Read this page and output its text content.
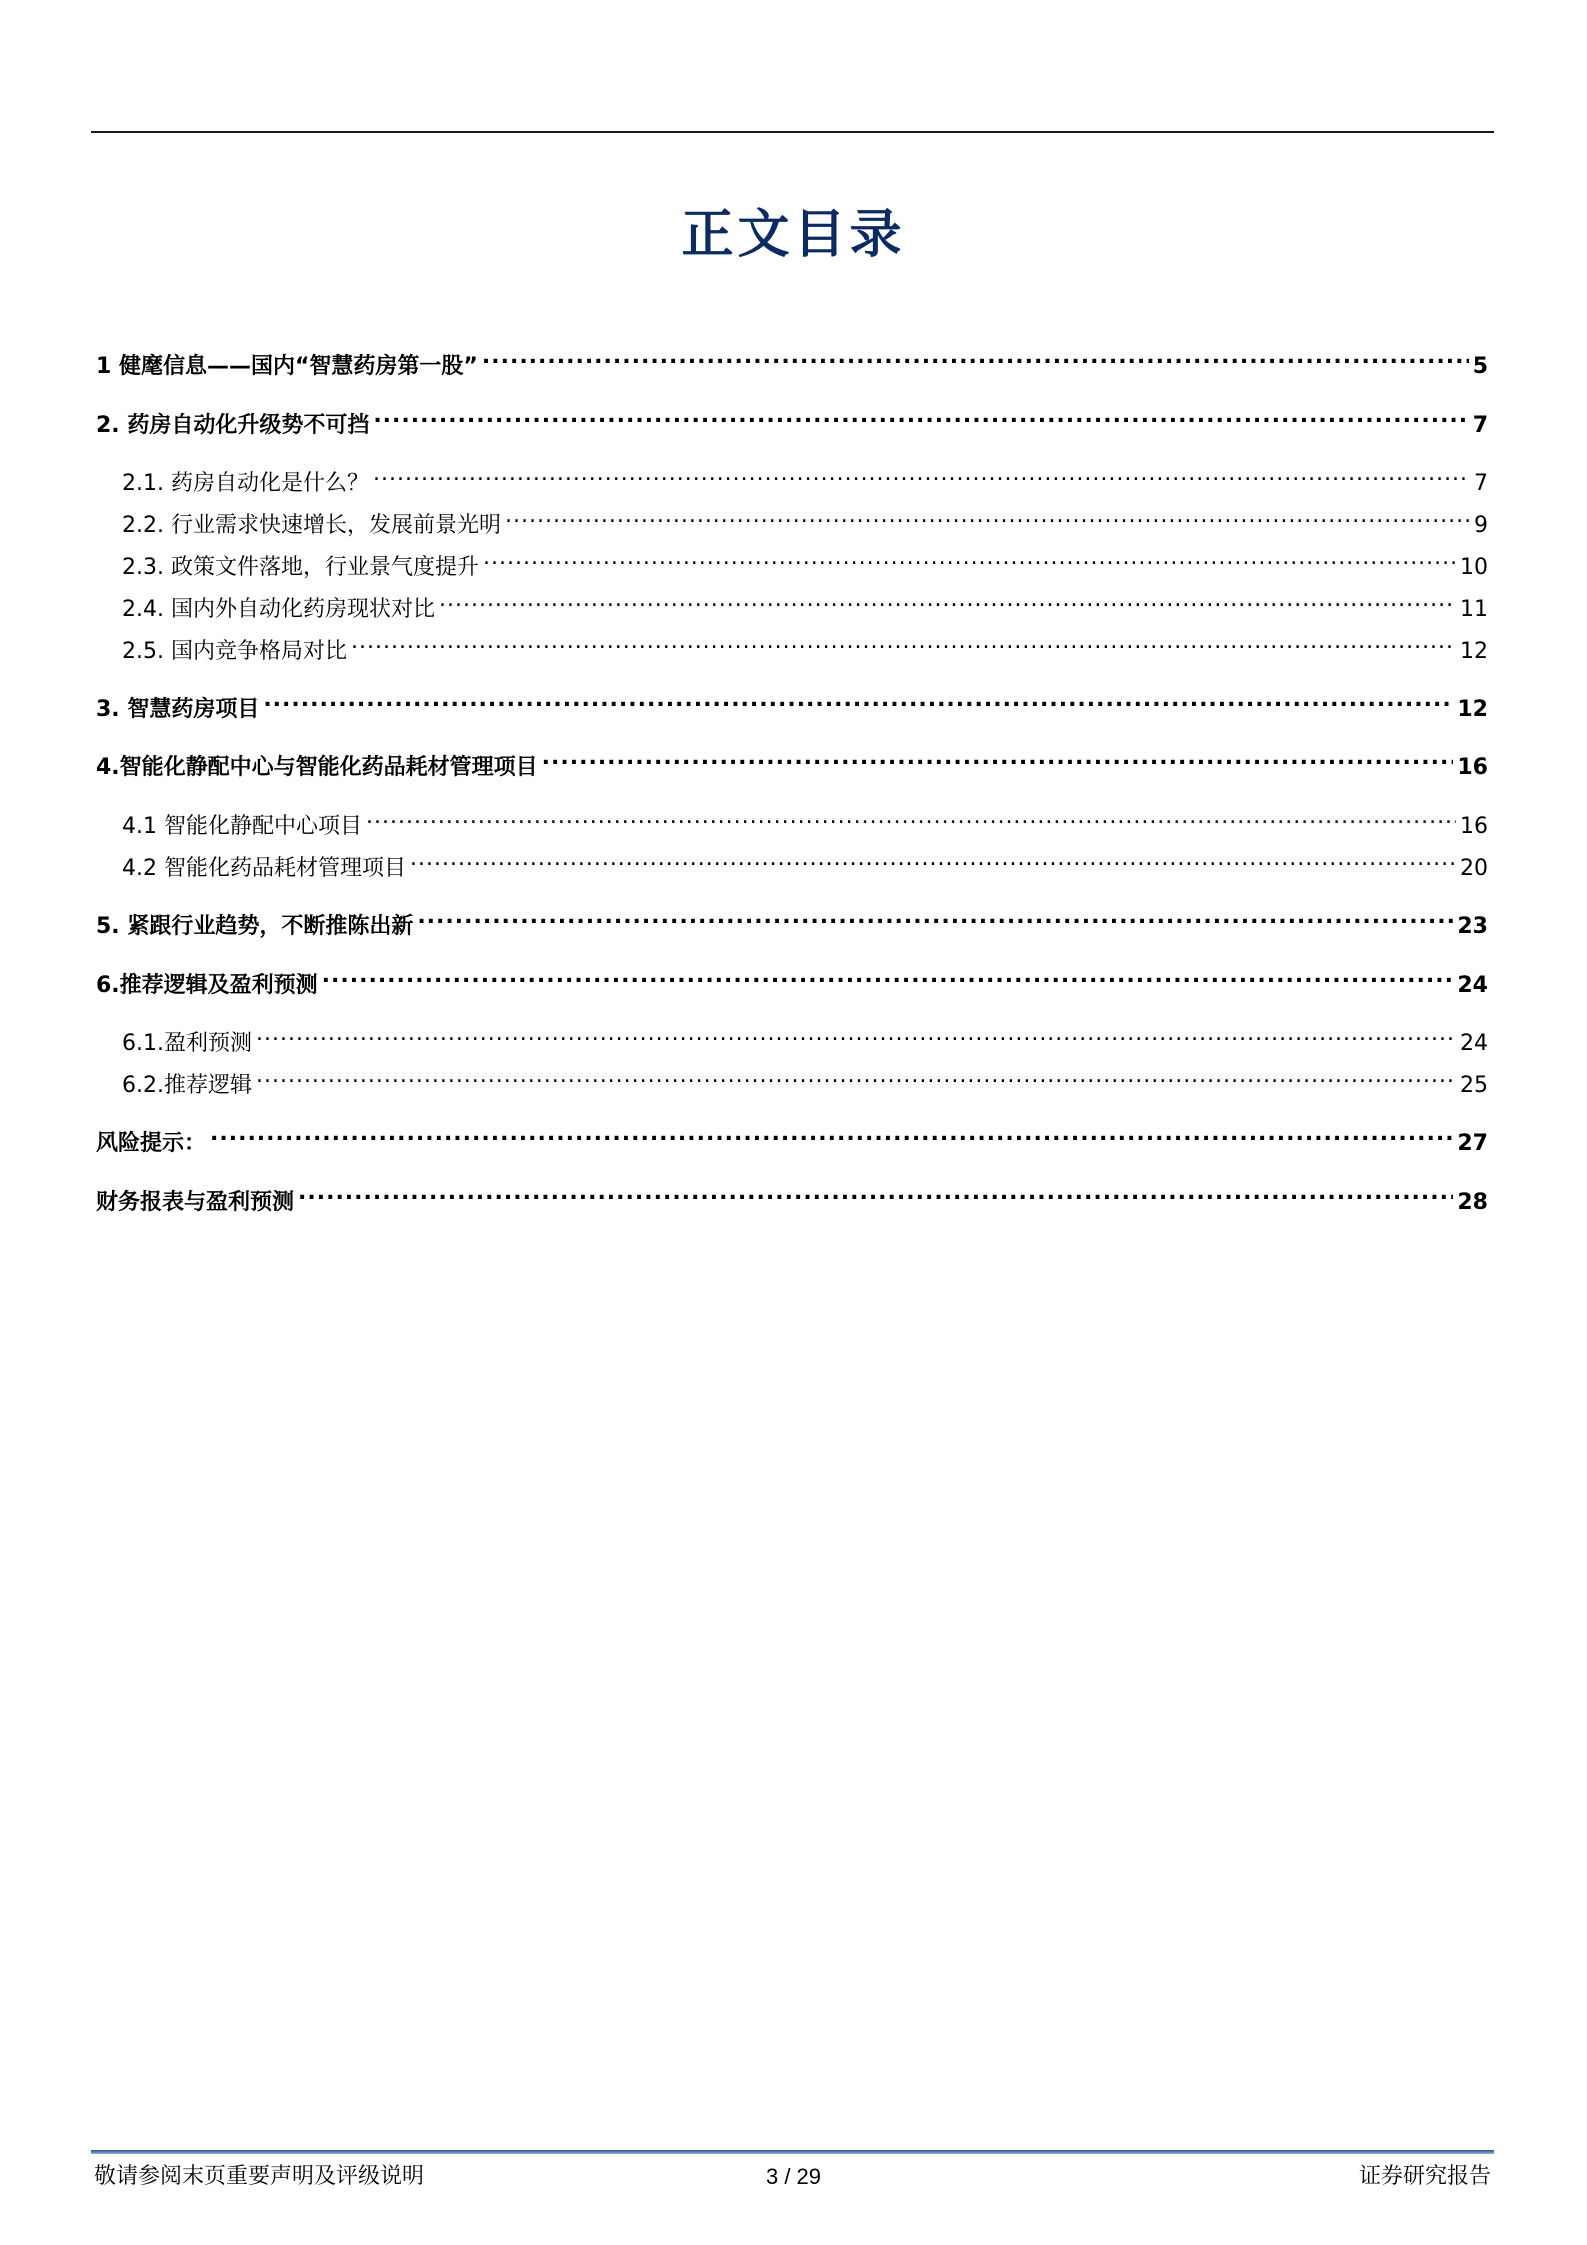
正文目录
1 健麾信息——国内“智慧药房第一股” .....	5
2. 药房自动化升级势不可挡 .....	7
2.1. 药房自动化是什么？ .....	7
2.2. 行业需求快速增长，发展前景光明 .....	9
2.3. 政策文件落地，行业景气度提升 .....	10
2.4. 国内外自动化药房现状对比 .....	11
2.5. 国内竞争格局对比 .....	12
3. 智慧药房项目 .....	12
4.智能化静配中心与智能化药品耗材管理项目 .....	16
4.1 智能化静配中心项目 .....	16
4.2 智能化药品耗材管理项目 .....	20
5. 紧跟行业趋势，不断推陈出新 .....	23
6.推荐逻辑及盈利预测 .....	24
6.1.盈利预测 .....	24
6.2.推荐逻辑 .....	25
风险提示： .....	27
财务报表与盈利预测 .....	28
敬请参阅末页重要声明及评级说明	3 / 29	证券研究报告
